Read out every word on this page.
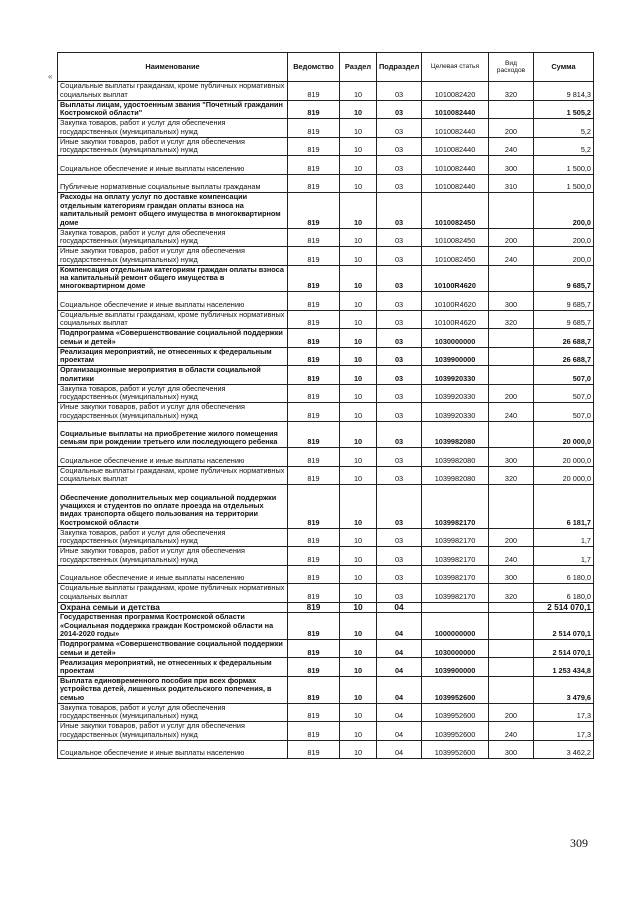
«
Наименование	Ведомство	Раздел	Подраздел	Целевая статья	Вид расходов	Сумма
Социальные выплаты гражданам, кроме публичных нормативных социальных выплат	819	10	03	1010082420	320	9 814,3
Выплаты лицам, удостоенным звания "Почетный гражданин Костромской области"	819	10	03	1010082440		1 505,2
Закупка товаров, работ и услуг для обеспечения государственных (муниципальных) нужд	819	10	03	1010082440	200	5,2
Иные закупки товаров, работ и услуг для обеспечения государственных (муниципальных) нужд	819	10	03	1010082440	240	5,2
Социальное обеспечение и иные выплаты населению	819	10	03	1010082440	300	1 500,0
Публичные нормативные социальные выплаты гражданам	819	10	03	1010082440	310	1 500,0
Расходы на оплату услуг по доставке компенсации отдельным категориям граждан оплаты взноса на капитальный ремонт общего имущества в многоквартирном доме	819	10	03	1010082450		200,0
Закупка товаров, работ и услуг для обеспечения государственных (муниципальных) нужд	819	10	03	1010082450	200	200,0
Иные закупки товаров, работ и услуг для обеспечения государственных (муниципальных) нужд	819	10	03	1010082450	240	200,0
Компенсация отдельным категориям граждан оплаты взноса на капитальный ремонт общего имущества в многоквартирном доме	819	10	03	10100R4620		9 685,7
Социальное обеспечение и иные выплаты населению	819	10	03	10100R4620	300	9 685,7
Социальные выплаты гражданам, кроме публичных нормативных социальных выплат	819	10	03	10100R4620	320	9 685,7
Подпрограмма «Совершенствование социальной поддержки семьи и детей»	819	10	03	1030000000		26 688,7
Реализация мероприятий, не отнесенных к федеральным проектам	819	10	03	1039900000		26 688,7
Организационные мероприятия в области социальной политики	819	10	03	1039920330		507,0
Закупка товаров, работ и услуг для обеспечения государственных (муниципальных) нужд	819	10	03	1039920330	200	507,0
Иные закупки товаров, работ и услуг для обеспечения государственных (муниципальных) нужд	819	10	03	1039920330	240	507,0
Социальные выплаты на приобретение жилого помещения семьям при рождении третьего или последующего ребенка	819	10	03	1039982080		20 000,0
Социальное обеспечение и иные выплаты населению	819	10	03	1039982080	300	20 000,0
Социальные выплаты гражданам, кроме публичных нормативных социальных выплат	819	10	03	1039982080	320	20 000,0
Обеспечение дополнительных мер социальной поддержки учащихся и студентов по оплате проезда на отдельных видах транспорта общего пользования на территории Костромской области	819	10	03	1039982170		6 181,7
Закупка товаров, работ и услуг для обеспечения государственных (муниципальных) нужд	819	10	03	1039982170	200	1,7
Иные закупки товаров, работ и услуг для обеспечения государственных (муниципальных) нужд	819	10	03	1039982170	240	1,7
Социальное обеспечение и иные выплаты населению	819	10	03	1039982170	300	6 180,0
Социальные выплаты гражданам, кроме публичных нормативных социальных выплат	819	10	03	1039982170	320	6 180,0
Охрана семьи и детства	819	10	04			2 514 070,1
Государственная программа Костромской области «Социальная поддержка граждан Костромской области на 2014-2020 годы»	819	10	04	1000000000		2 514 070,1
Подпрограмма «Совершенствование социальной поддержки семьи и детей»	819	10	04	1030000000		2 514 070,1
Реализация мероприятий, не отнесенных к федеральным проектам	819	10	04	1039900000		1 253 434,8
Выплата единовременного пособия при всех формах устройства детей, лишенных родительского попечения, в семью	819	10	04	1039952600		3 479,6
Закупка товаров, работ и услуг для обеспечения государственных (муниципальных) нужд	819	10	04	1039952600	200	17,3
Иные закупки товаров, работ и услуг для обеспечения государственных (муниципальных) нужд	819	10	04	1039952600	240	17,3
Социальное обеспечение и иные выплаты населению	819	10	04	1039952600	300	3 462,2
309
